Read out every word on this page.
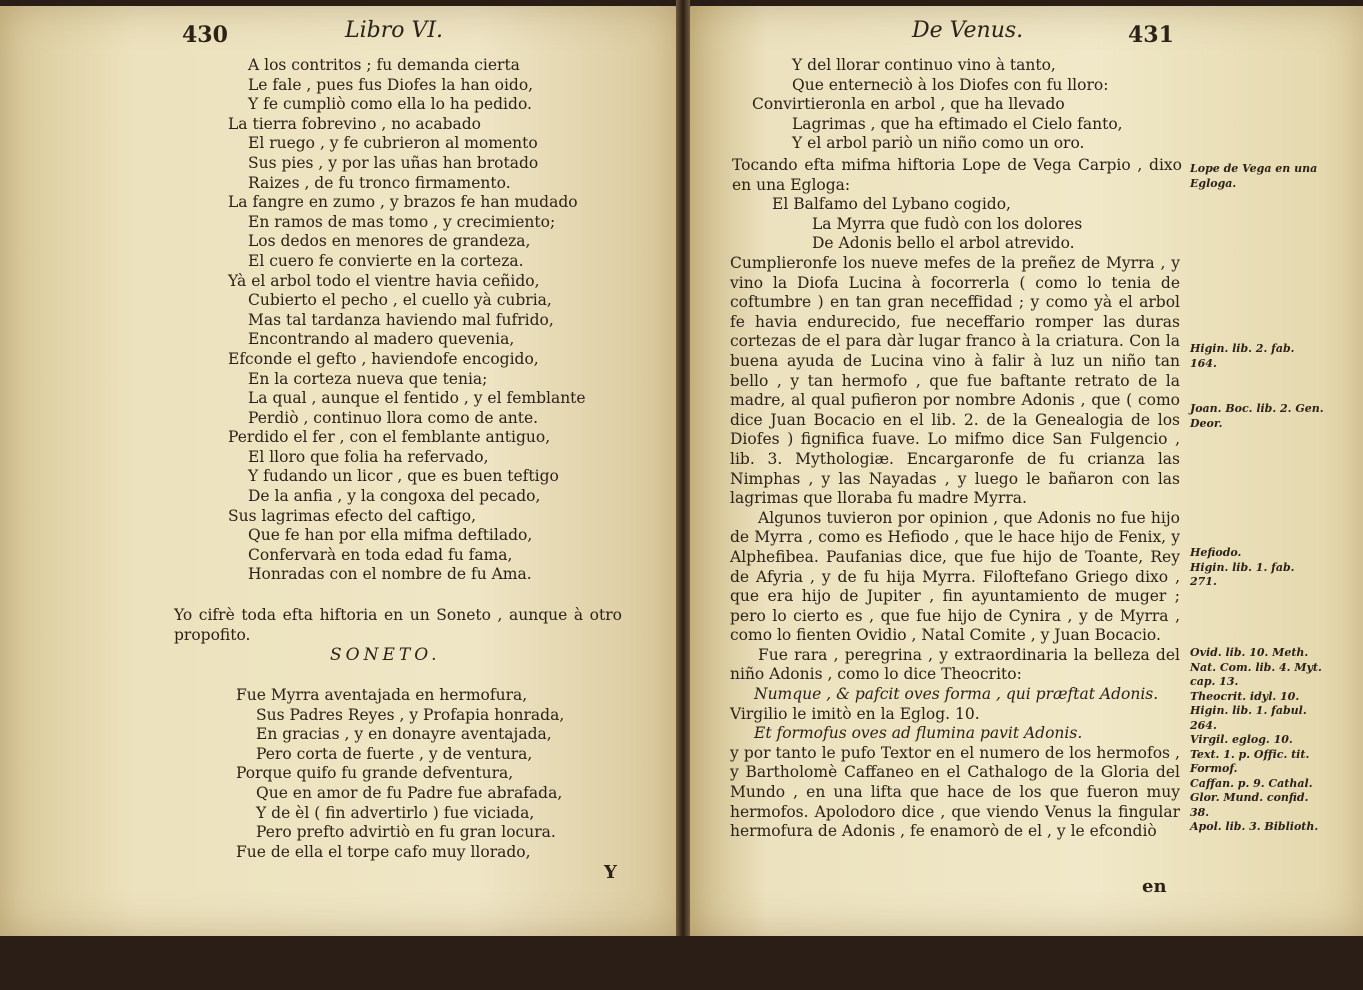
430	Libro VI.
A los contritos ; fu demanda cierta
Le fale , pues fus Diofes la han oido,
Y fe cumpliò como ella lo ha pedido.
La tierra fobrevino , no acabado
El ruego , y fe cubrieron al momento
Sus pies , y por las uñas han brotado
Raizes , de fu tronco firmamento.
La fangre en zumo , y brazos fe han mudado
En ramos de mas tomo , y crecimiento;
Los dedos en menores de grandeza,
El cuero fe convierte en la corteza.
Yà el arbol todo el vientre havia ceñido,
Cubierto el pecho , el cuello yà cubria,
Mas tal tardanza haviendo mal fufrido,
Encontrando al madero quevenia,
Efconde el gefto , haviendofe encogido,
En la corteza nueva que tenia;
La qual , aunque el fentido , y el femblante
Perdiò , continuo llora como de ante.
Perdido el fer , con el femblante antiguo,
El lloro que folia ha refervado,
Y fudando un licor , que es buen teftigo
De la anfia , y la congoxa del pecado,
Sus lagrimas efecto del caftigo,
Que fe han por ella mifma deftilado,
Confervarà en toda edad fu fama,
Honradas con el nombre de fu Ama.

Yo cifrè toda efta hiftoria en un Soneto , aunque à otro propofito.

SONETO.
Fue Myrra aventajada en hermofura,
Sus Padres Reyes , y Profapia honrada,
En gracias , y en donayre aventajada,
Pero corta de fuerte , y de ventura,
Porque quifo fu grande defventura,
Que en amor de fu Padre fue abrafada,
Y de èl ( fin advertirlo ) fue viciada,
Pero prefto advirtiò en fu gran locura.
Fue de ella el torpe cafo muy llorado,
Y
De Venus.	431
Y del llorar continuo vino à tanto,
Que enterneciò à los Diofes con fu lloro:
Convirtieronla en arbol , que ha llevado
Lagrimas , que ha eftimado el Cielo fanto,
Y el arbol pariò un niño como un oro.

Tocando efta mifma hiftoria Lope de Vega Carpio , dixo en una Egloga:

El Balfamo del Lybano cogido,
La Myrra que fudò con los dolores
De Adonis bello el arbol atrevido.

Cumplieronfe los nueve mefes de la preñez de Myrra , y vino la Diofa Lucina à focorrerla ( como lo tenia de coftumbre ) en tan gran neceffidad ; y como yà el arbol fe havia endurecido, fue neceffario romper las duras cortezas de el para dàr lugar franco à la criatura. Con la buena ayuda de Lucina vino à falir à luz un niño tan bello , y tan hermofo , que fue baftante retrato de la madre, al qual pufieron por nombre Adonis , que ( como dice Juan Bocacio en el lib. 2. de la Genealogia de los Diofes ) fignifica fuave. Lo mifmo dice San Fulgencio , lib. 3. Mythologiæ. Encargaronfe de fu crianza las Nimphas , y las Nayadas , y luego le bañaron con las lagrimas que lloraba fu madre Myrra.

Algunos tuvieron por opinion , que Adonis no fue hijo de Myrra , como es Hefiodo , que le hace hijo de Fenix, y Alphefibea. Paufanias dice, que fue hijo de Toante, Rey de Afyria , y de fu hija Myrra. Filoftefano Griego dixo , que era hijo de Jupiter , fin ayuntamiento de muger ; pero lo cierto es , que fue hijo de Cynira , y de Myrra , como lo fienten Ovidio , Natal Comite , y Juan Bocacio.

Fue rara , peregrina , y extraordinaria la belleza del niño Adonis , como lo dice Theocrito:

Numque , & pafcit oves forma , qui præftat Adonis.

Virgilio le imitò en la Eglog. 10.

Et formofus oves ad flumina pavit Adonis.

y por tanto le pufo Textor en el numero de los hermofos , y Bartholomè Caffaneo en el Cathalogo de la Gloria del Mundo , en una lifta que hace de los que fueron muy hermofos. Apolodoro dice , que viendo Venus la fingular hermofura de Adonis , fe enamorò de el , y le efcondiò

en
Lope de Vega en una
Egloga.
Higin. lib. 2. fab.
164.
Joan. Boc. lib. 2. Gen.
Deor.
Hefiodo.
Higin. lib. 1. fab.
271.
Ovid. lib. 10. Meth.
Nat. Com. lib. 4. Myt.
cap. 13.
Theocrit. idyl. 10.
Higin. lib. 1. fabul.
264.
Virgil. eglog. 10.
Text. 1. p. Offic. tit.
Formof.
Caffan. p. 9. Cathal.
Glor. Mund. confid.
38.
Apol. lib. 3. Biblioth.
